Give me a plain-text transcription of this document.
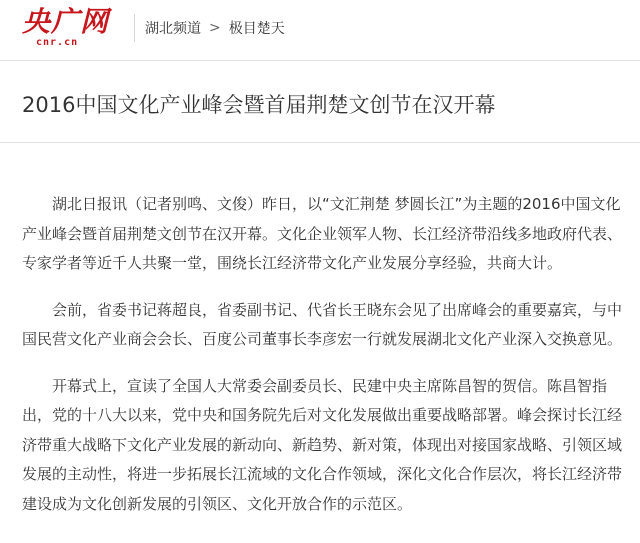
央广网
cnr.cn
湖北频道 > 极目楚天
2016中国文化产业峰会暨首届荆楚文创节在汉开幕

湖北日报讯（记者别鸣、文俊）昨日，以“文汇荆楚 梦圆长江”为主题的2016中国文化产业峰会暨首届荆楚文创节在汉开幕。文化企业领军人物、长江经济带沿线多地政府代表、专家学者等近千人共聚一堂，围绕长江经济带文化产业发展分享经验，共商大计。

会前，省委书记蒋超良，省委副书记、代省长王晓东会见了出席峰会的重要嘉宾，与中国民营文化产业商会会长、百度公司董事长李彦宏一行就发展湖北文化产业深入交换意见。

开幕式上，宣读了全国人大常委会副委员长、民建中央主席陈昌智的贺信。陈昌智指出，党的十八大以来，党中央和国务院先后对文化发展做出重要战略部署。峰会探讨长江经济带重大战略下文化产业发展的新动向、新趋势、新对策，体现出对接国家战略、引领区域发展的主动性，将进一步拓展长江流域的文化合作领域，深化文化合作层次，将长江经济带建设成为文化创新发展的引领区、文化开放合作的示范区。
